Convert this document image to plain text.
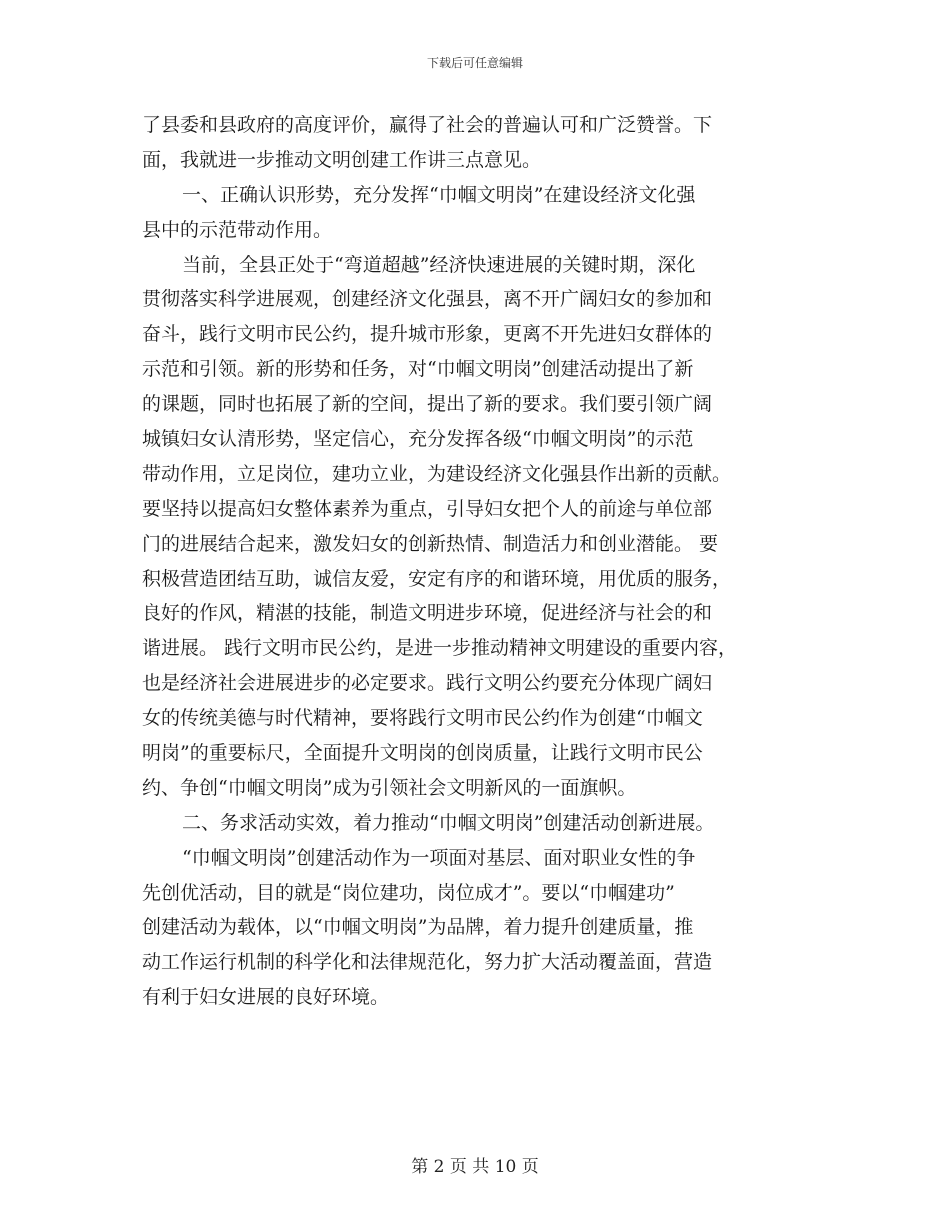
下载后可任意编辑
了县委和县政府的高度评价，赢得了社会的普遍认可和广泛赞誉。下
面，我就进一步推动文明创建工作讲三点意见。
一、正确认识形势，充分发挥“巾帼文明岗”在建设经济文化强
县中的示范带动作用。
当前，全县正处于“弯道超越”经济快速进展的关键时期，深化
贯彻落实科学进展观，创建经济文化强县，离不开广阔妇女的参加和
奋斗，践行文明市民公约，提升城市形象，更离不开先进妇女群体的
示范和引领。新的形势和任务，对“巾帼文明岗”创建活动提出了新
的课题，同时也拓展了新的空间，提出了新的要求。我们要引领广阔
城镇妇女认清形势，坚定信心，充分发挥各级“巾帼文明岗”的示范
带动作用，立足岗位，建功立业，为建设经济文化强县作出新的贡献。
要坚持以提高妇女整体素养为重点，引导妇女把个人的前途与单位部
门的进展结合起来，激发妇女的创新热情、制造活力和创业潜能。 要
积极营造团结互助，诚信友爱，安定有序的和谐环境，用优质的服务，
良好的作风，精湛的技能，制造文明进步环境，促进经济与社会的和
谐进展。 践行文明市民公约，是进一步推动精神文明建设的重要内容，
也是经济社会进展进步的必定要求。践行文明公约要充分体现广阔妇
女的传统美德与时代精神，要将践行文明市民公约作为创建“巾帼文
明岗”的重要标尺，全面提升文明岗的创岗质量，让践行文明市民公
约、争创“巾帼文明岗”成为引领社会文明新风的一面旗帜。
二、务求活动实效，着力推动“巾帼文明岗”创建活动创新进展。
“巾帼文明岗”创建活动作为一项面对基层、面对职业女性的争
先创优活动，目的就是“岗位建功，岗位成才”。要以“巾帼建功”
创建活动为载体，以“巾帼文明岗”为品牌，着力提升创建质量，推
动工作运行机制的科学化和法律规范化，努力扩大活动覆盖面，营造
有利于妇女进展的良好环境。
第 2 页 共 10 页
